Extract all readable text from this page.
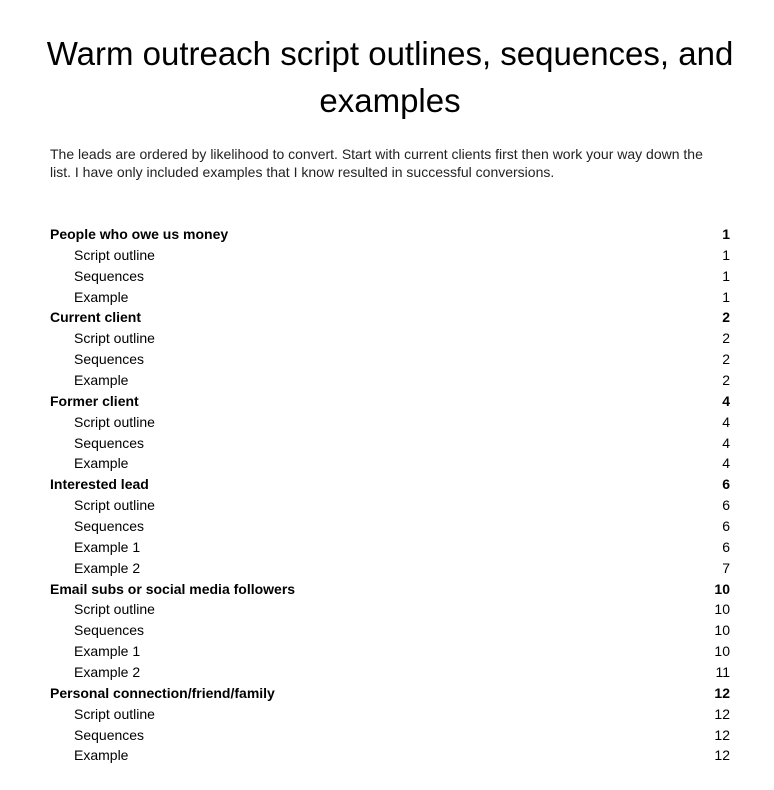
Warm outreach script outlines, sequences, and examples

The leads are ordered by likelihood to convert. Start with current clients first then work your way down the list. I have only included examples that I know resulted in successful conversions.

People who owe us money	1
Script outline	1
Sequences	1
Example	1
Current client	2
Script outline	2
Sequences	2
Example	2
Former client	4
Script outline	4
Sequences	4
Example	4
Interested lead	6
Script outline	6
Sequences	6
Example 1	6
Example 2	7
Email subs or social media followers	10
Script outline	10
Sequences	10
Example 1	10
Example 2	11
Personal connection/friend/family	12
Script outline	12
Sequences	12
Example	12
